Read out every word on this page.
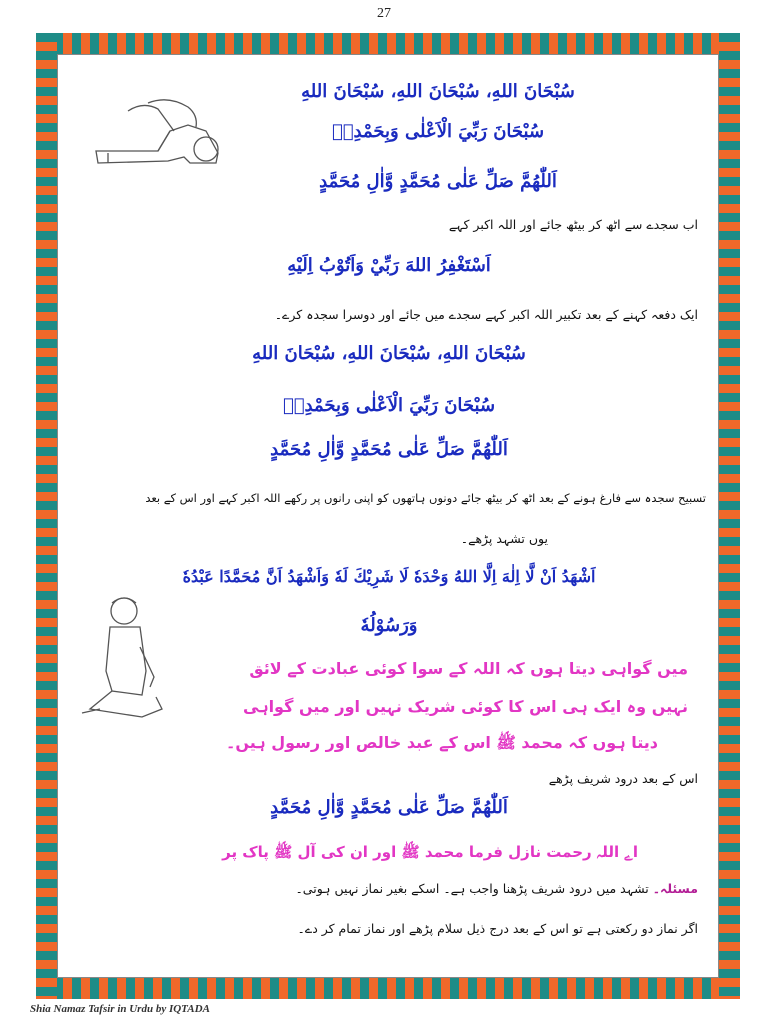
27
سُبْحَانَ اللهِ، سُبْحَانَ اللهِ، سُبْحَانَ اللهِ
سُبْحَانَ رَبِّيَ الْاَعْلٰى وَبِحَمْدِهٖ
اَللّٰهُمَّ صَلِّ عَلٰى مُحَمَّدٍ وَّاٰلِ مُحَمَّدٍ
اب سجدے سے اٹھ کر بیٹھ جائے اور اللہ اکبر کہے
اَسْتَغْفِرُ اللهَ رَبِّيْ وَاَتُوْبُ اِلَيْهِ
ایک دفعہ کہنے کے بعد تکبیر اللہ اکبر کہے سجدے میں جائے اور دوسرا سجدہ کرے۔
سُبْحَانَ اللهِ، سُبْحَانَ اللهِ، سُبْحَانَ اللهِ
سُبْحَانَ رَبِّيَ الْاَعْلٰى وَبِحَمْدِهٖ
اَللّٰهُمَّ صَلِّ عَلٰى مُحَمَّدٍ وَّاٰلِ مُحَمَّدٍ
تسبیح سجدہ سے فارغ ہونے کے بعد اٹھ کر بیٹھ جائے دونوں ہاتھوں کو اپنی رانوں پر رکھے اللہ اکبر کہے اور اس کے بعد
یوں تشہد پڑھے۔
اَشْهَدُ اَنْ لَّا اِلٰهَ اِلَّا اللهُ وَحْدَهٗ لَا شَرِيْكَ لَهٗ وَاَشْهَدُ اَنَّ مُحَمَّدًا عَبْدُهٗ
وَرَسُوْلُهٗ
میں گواہی دیتا ہوں کہ اللہ کے سوا کوئی عبادت کے لائق
نہیں وہ ایک ہی اس کا کوئی شریک نہیں اور میں گواہی
دیتا ہوں کہ محمد ﷺ اس کے عبد خالص اور رسول ہیں۔
اس کے بعد درود شریف پڑھے
اَللّٰهُمَّ صَلِّ عَلٰى مُحَمَّدٍ وَّاٰلِ مُحَمَّدٍ
اے اللہ رحمت نازل فرما محمد ﷺ اور ان کی آل ﷺ پاک پر
مسئلہ۔ تشہد میں درود شریف پڑھنا واجب ہے۔ اسکے بغیر نماز نہیں ہوتی۔
اگر نماز دو رکعتی ہے تو اس کے بعد درج ذیل سلام پڑھے اور نماز تمام کر دے۔
Shia Namaz Tafsir in Urdu by IQTADA
